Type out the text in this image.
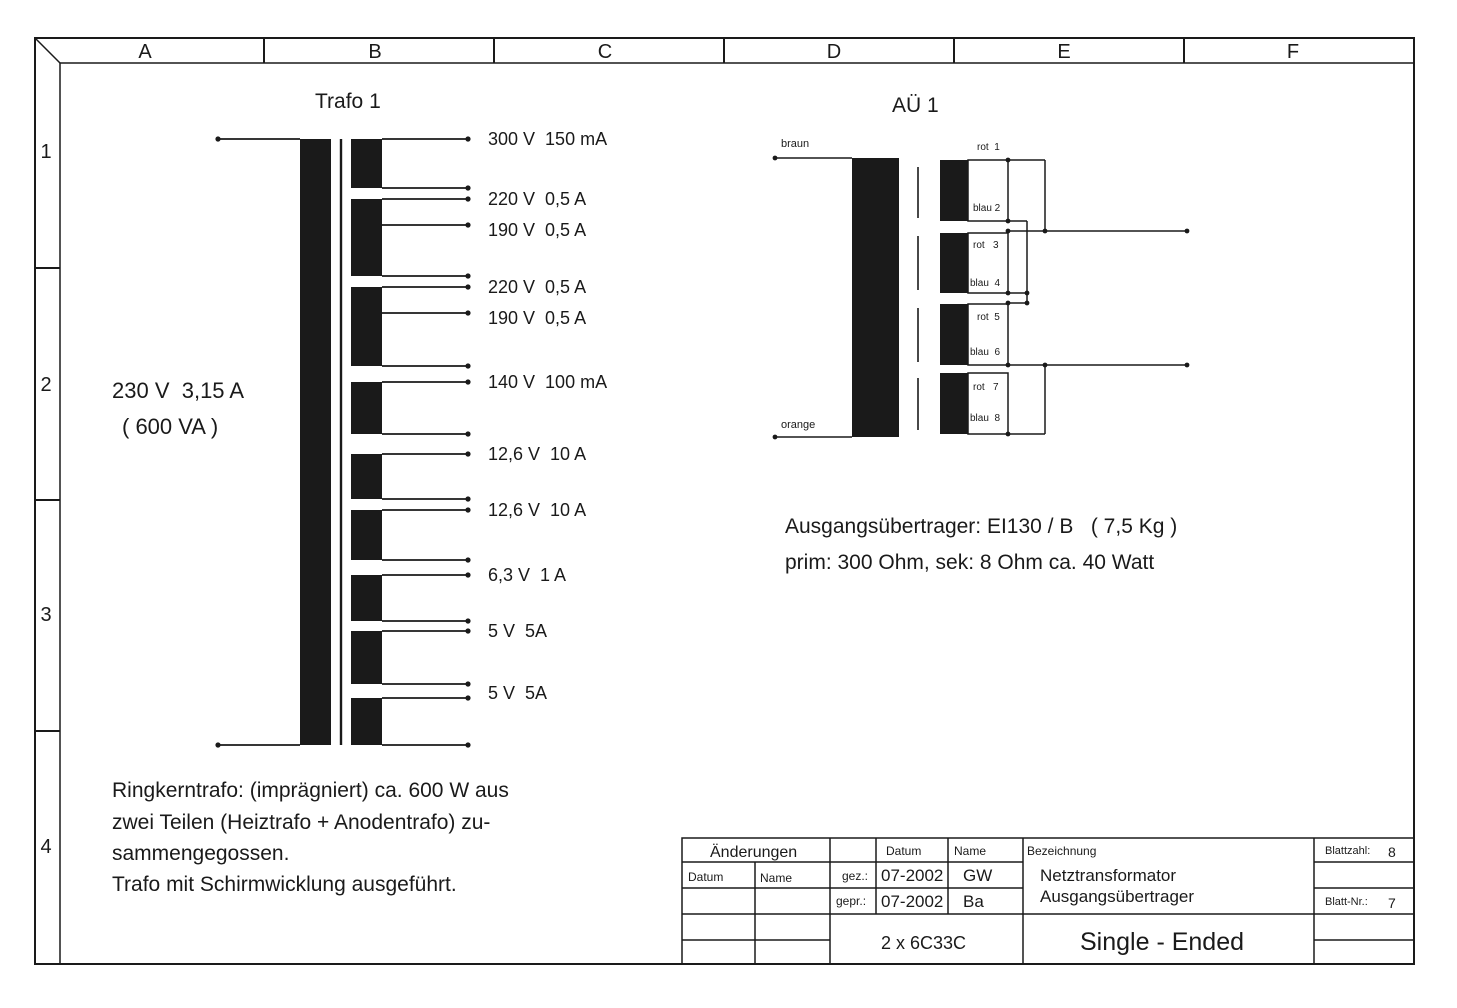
A	B	C	D	E	F
1
2
3
4
Trafo 1
300 V  150 mA
220 V  0,5 A
190 V  0,5 A
220 V  0,5 A
190 V  0,5 A
140 V  100 mA
12,6 V  10 A
12,6 V  10 A
6,3 V  1 A
5 V  5A
5 V  5A
230 V  3,15 A
( 600 VA )
Ringkerntrafo: (imprägniert) ca. 600 W aus
zwei Teilen (Heiztrafo + Anodentrafo) zu-
sammengegossen.
Trafo mit Schirmwicklung ausgeführt.
AÜ 1
braun
orange
rot  1
blau 2
rot   3
blau  4
rot  5
blau  6
rot   7
blau  8
Ausgangsübertrager: EI130 / B   ( 7,5 Kg )
prim: 300 Ohm, sek: 8 Ohm ca. 40 Watt
Änderungen
Datum	Name
Datum	Name
gez.: 07-2002 GW
gepr.: 07-2002 Ba
2 x 6C33C
Bezeichnung
Netztransformator
Ausgangsübertrager
Single - Ended
Blattzahl: 8
Blatt-Nr.: 7
